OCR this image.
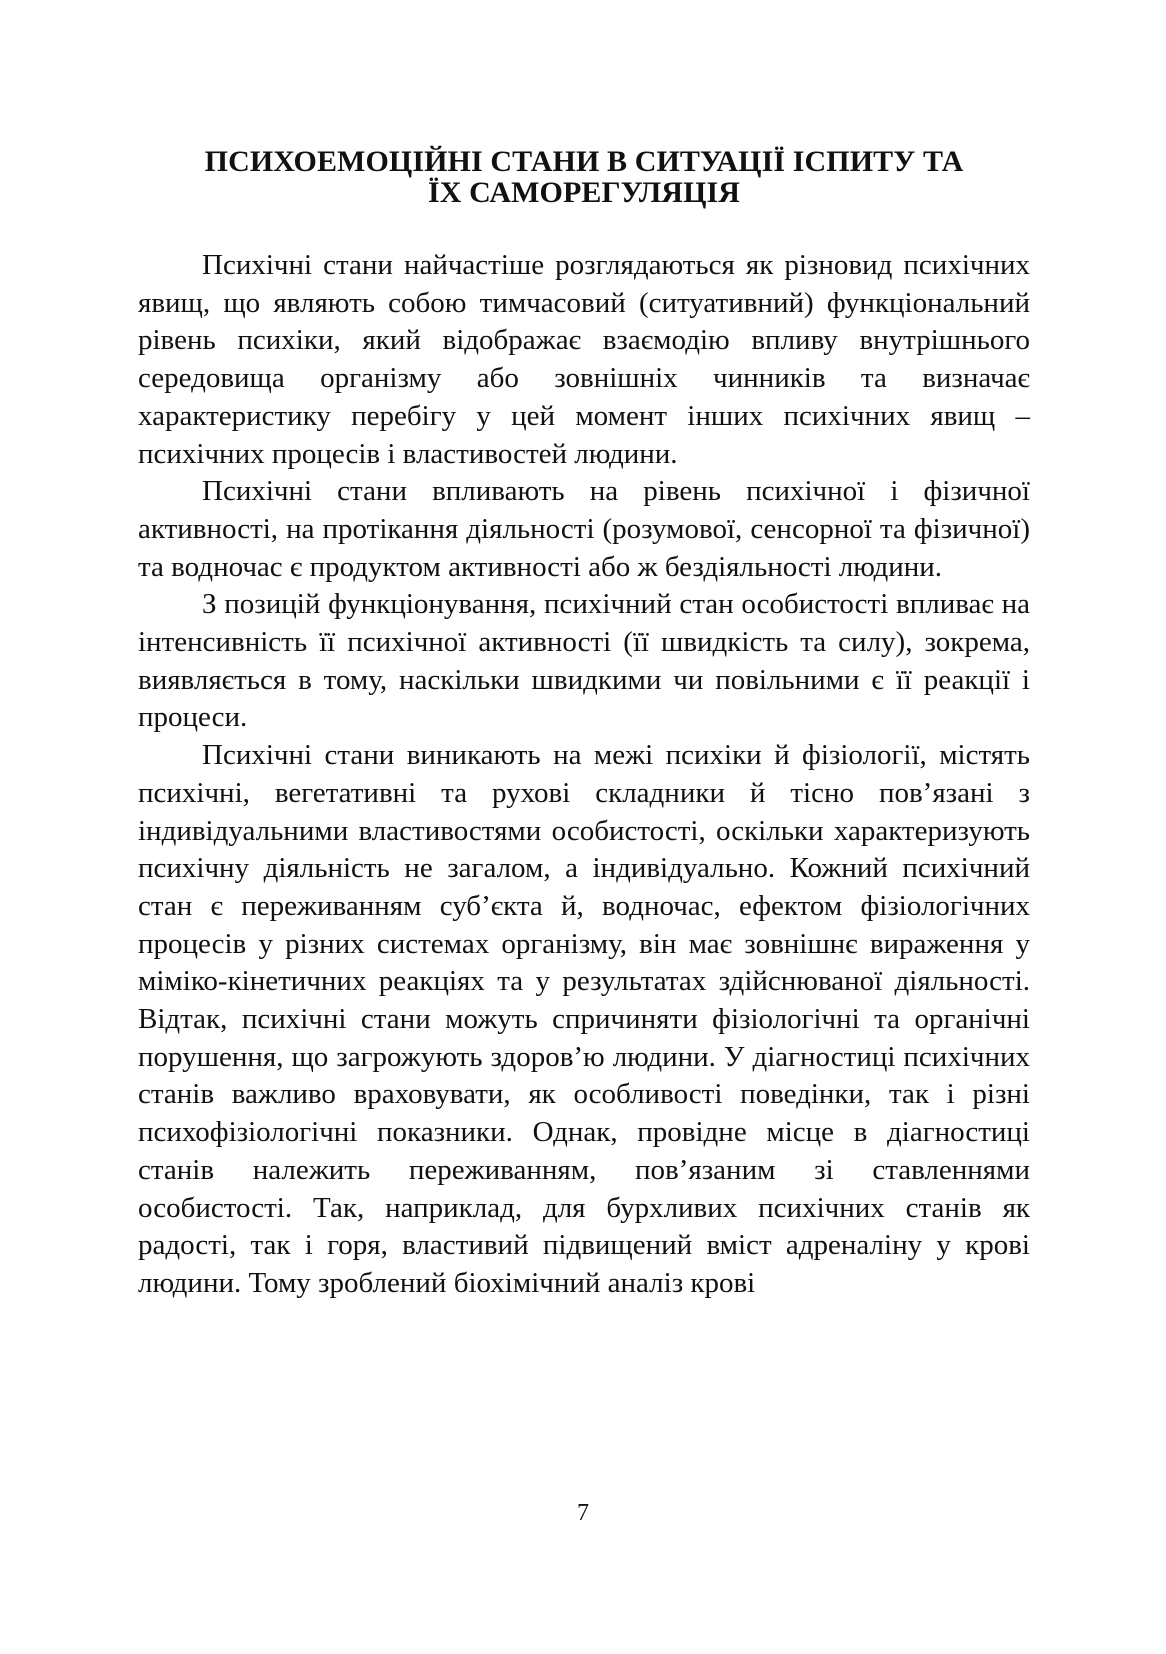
ПСИХОЕМОЦІЙНІ СТАНИ В СИТУАЦІЇ ІСПИТУ ТА
ЇХ САМОРЕГУЛЯЦІЯ

Психічні стани найчастіше розглядаються як різновид психічних явищ, що являють собою тимчасовий (ситуативний) функціональний рівень психіки, який відображає взаємодію впливу внутрішнього середовища організму або зовнішніх чинників та визначає характеристику перебігу у цей момент інших психічних явищ – психічних процесів і властивостей людини.

Психічні стани впливають на рівень психічної і фізичної активності, на протікання діяльності (розумової, сенсорної та фізичної) та водночас є продуктом активності або ж бездіяльності людини.

З позицій функціонування, психічний стан особистості впливає на інтенсивність її психічної активності (її швидкість та силу), зокрема, виявляється в тому, наскільки швидкими чи повільними є її реакції і процеси.

Психічні стани виникають на межі психіки й фізіології, містять психічні, вегетативні та рухові складники й тісно пов’язані з індивідуальними властивостями особистості, оскільки характеризують психічну діяльність не загалом, а індивідуально. Кожний психічний стан є переживанням суб’єкта й, водночас, ефектом фізіологічних процесів у різних системах організму, він має зовнішнє вираження у міміко-кінетичних реакціях та у результатах здійснюваної діяльності. Відтак, психічні стани можуть спричиняти фізіологічні та органічні порушення, що загрожують здоров’ю людини. У діагностиці психічних станів важливо враховувати, як особливості поведінки, так і різні психофізіологічні показники. Однак, провідне місце в діагностиці станів належить переживанням, пов’язаним зі ставленнями особистості. Так, наприклад, для бурхливих психічних станів як радості, так і горя, властивий підвищений вміст адреналіну у крові людини. Тому зроблений біохімічний аналіз крові

7
